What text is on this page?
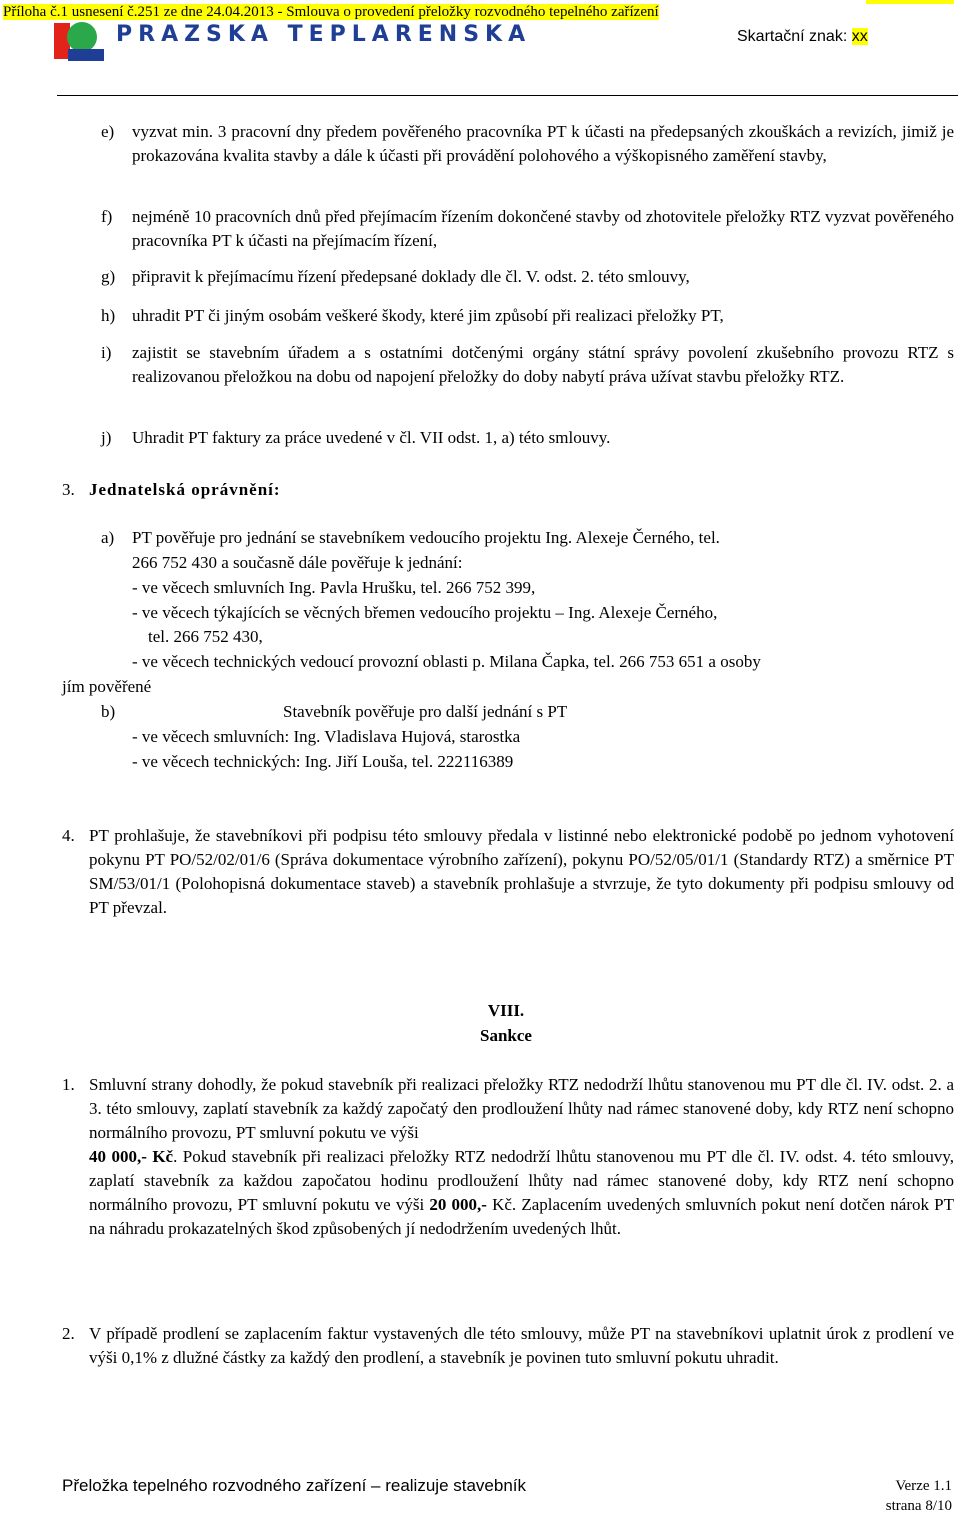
Příloha č.1 usnesení č.251 ze dne 24.04.2013 - Smlouva o provedení přeložky rozvodného tepelného zařízení
PRAZSKA TEPLARENSKA	Skartační znak: xx
e)	vyzvat min. 3 pracovní dny předem pověřeného pracovníka PT k účasti na předepsaných zkouškách a revizích, jimiž je prokazována kvalita stavby a dále k účasti při provádění polohového a výškopisného zaměření stavby,
f)	nejméně 10 pracovních dnů před přejímacím řízením dokončené stavby od zhotovitele přeložky RTZ vyzvat pověřeného pracovníka PT k účasti na přejímacím řízení,
g) připravit k přejímacímu řízení předepsané doklady dle čl. V. odst. 2. této smlouvy,
h) uhradit PT či jiným osobám veškeré škody, které jim způsobí při realizaci přeložky PT,
i)	zajistit se stavebním úřadem a s ostatními dotčenými orgány státní správy povolení zkušebního provozu RTZ s realizovanou přeložkou na dobu od napojení přeložky do doby nabytí práva užívat stavbu přeložky RTZ.
j)	Uhradit PT faktury za práce uvedené v čl. VII odst. 1, a) této smlouvy.
3. Jednatelská oprávnění:
a)	PT pověřuje pro jednání se stavebníkem vedoucího projektu Ing. Alexeje Černého, tel.
266 752 430 a současně dále pověřuje k jednání:
- ve věcech smluvních Ing. Pavla Hrušku, tel. 266 752 399,
- ve věcech týkajících se věcných břemen vedoucího projektu – Ing. Alexeje Černého,
tel. 266 752 430,
- ve věcech technických vedoucí provozní oblasti p. Milana Čapka, tel. 266 753 651 a osoby
jím pověřené
b)	Stavebník pověřuje pro další jednání s PT
- ve věcech smluvních: Ing. Vladislava Hujová, starostka
- ve věcech technických: Ing. Jiří Louša, tel. 222116389
4. PT prohlašuje, že stavebníkovi při podpisu této smlouvy předala v listinné nebo elektronické podobě po jednom vyhotovení pokynu PT PO/52/02/01/6 (Správa dokumentace výrobního zařízení), pokynu PO/52/05/01/1 (Standardy RTZ) a směrnice PT SM/53/01/1 (Polohopisná dokumentace staveb) a stavebník prohlašuje a stvrzuje, že tyto dokumenty při podpisu smlouvy od PT převzal.
VIII.
Sankce
1. Smluvní strany dohodly, že pokud stavebník při realizaci přeložky RTZ nedodrží lhůtu stanovenou mu PT dle čl. IV. odst. 2. a 3. této smlouvy, zaplatí stavebník za každý započatý den prodloužení lhůty nad rámec stanovené doby, kdy RTZ není schopno normálního provozu, PT smluvní pokutu ve výši
40 000,- Kč. Pokud stavebník při realizaci přeložky RTZ nedodrží lhůtu stanovenou mu PT dle čl. IV. odst. 4. této smlouvy, zaplatí stavebník za každou započatou hodinu prodloužení lhůty nad rámec stanovené doby, kdy RTZ není schopno normálního provozu, PT smluvní pokutu ve výši 20 000,- Kč. Zaplacením uvedených smluvních pokut není dotčen nárok PT na náhradu prokazatelných škod způsobených jí nedodržením uvedených lhůt.
2. V případě prodlení se zaplacením faktur vystavených dle této smlouvy, může PT na stavebníkovi uplatnit úrok z prodlení ve výši 0,1% z dlužné částky za každý den prodlení, a stavebník je povinen tuto smluvní pokutu uhradit.
Přeložka tepelného rozvodného zařízení – realizuje stavebník	Verze 1.1
strana 8/10
